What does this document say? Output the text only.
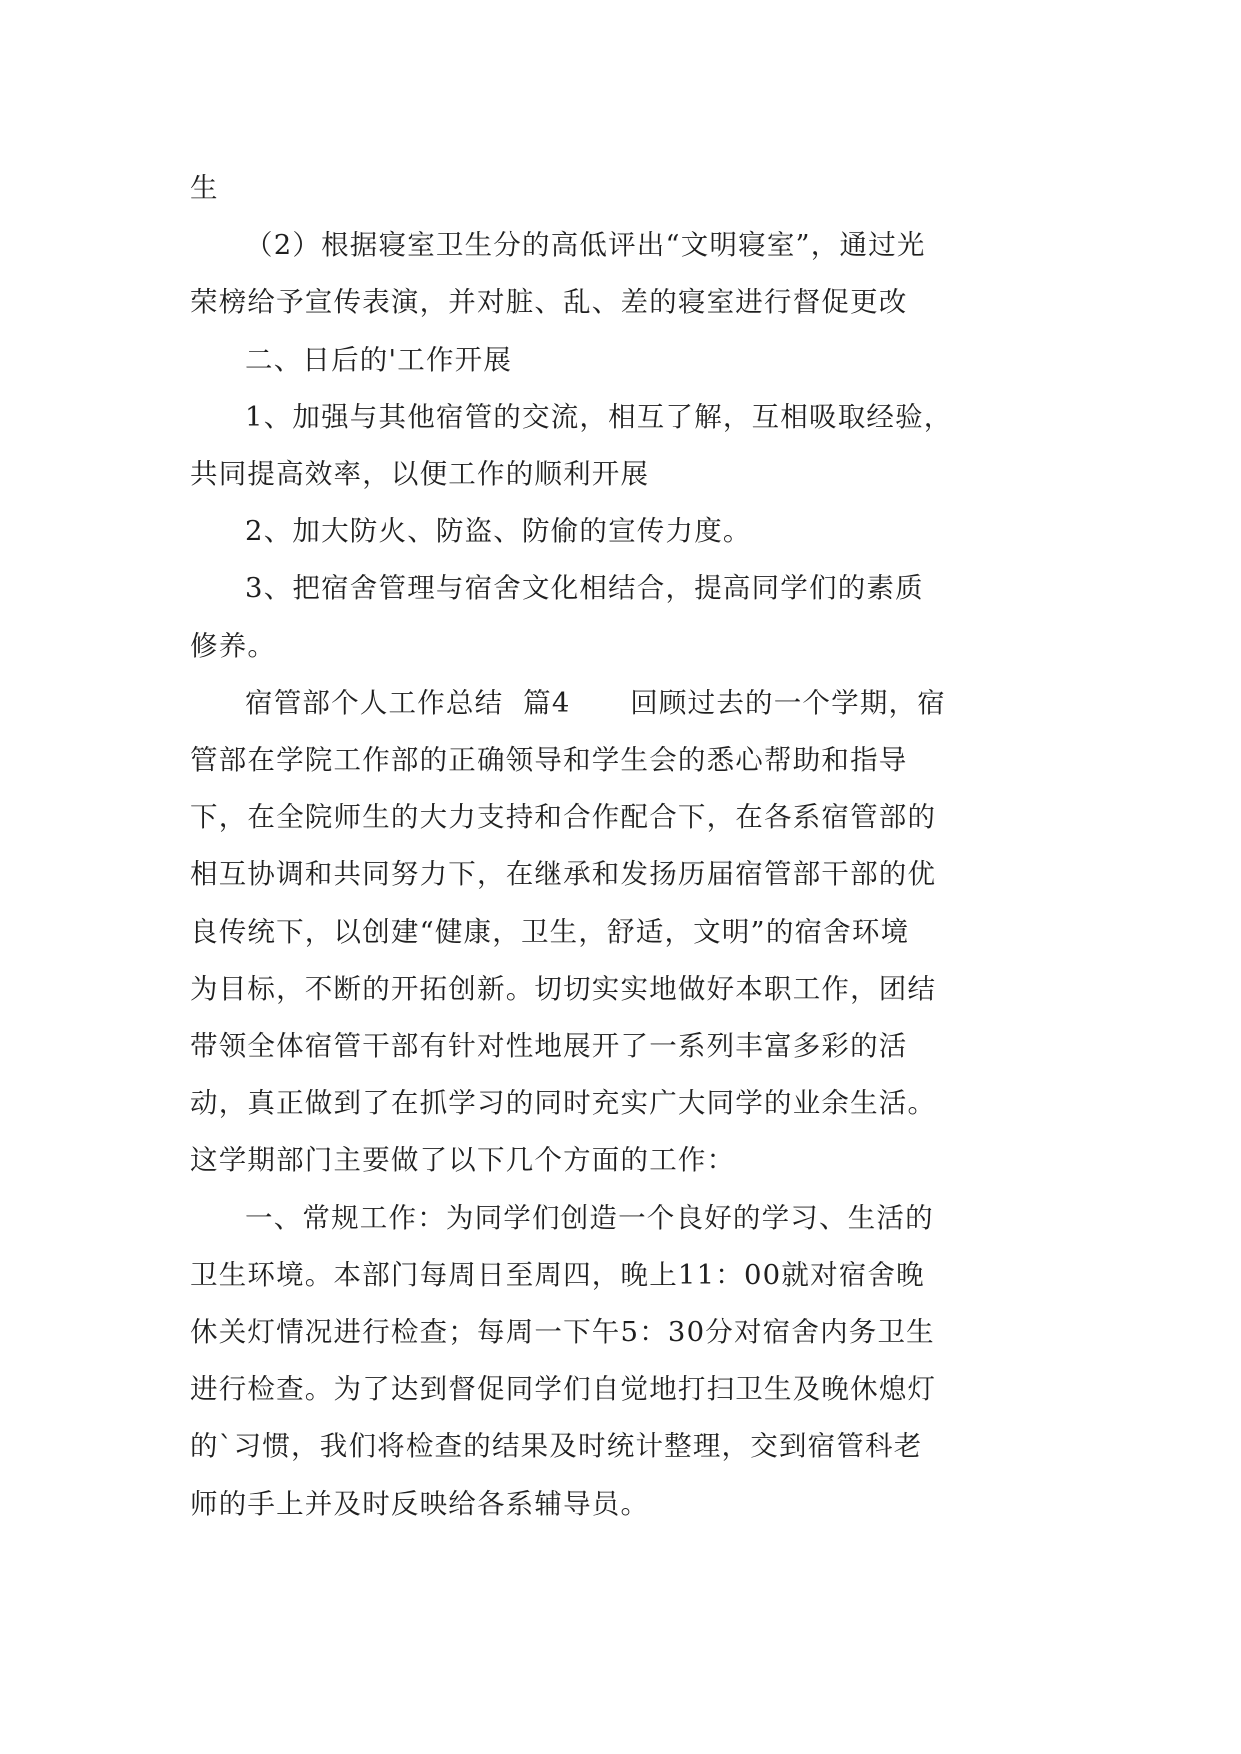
生
（2）根据寝室卫生分的高低评出“文明寝室”，通过光
荣榜给予宣传表演，并对脏、乱、差的寝室进行督促更改
二、日后的'工作开展
1、加强与其他宿管的交流，相互了解，互相吸取经验，
共同提高效率，以便工作的顺利开展
2、加大防火、防盗、防偷的宣传力度。
3、把宿舍管理与宿舍文化相结合，提高同学们的素质
修养。
宿管部个人工作总结  篇4      回顾过去的一个学期，宿
管部在学院工作部的正确领导和学生会的悉心帮助和指导
下，在全院师生的大力支持和合作配合下，在各系宿管部的
相互协调和共同努力下，在继承和发扬历届宿管部干部的优
良传统下，以创建“健康，卫生，舒适，文明”的宿舍环境
为目标，不断的开拓创新。切切实实地做好本职工作，团结
带领全体宿管干部有针对性地展开了一系列丰富多彩的活
动，真正做到了在抓学习的同时充实广大同学的业余生活。
这学期部门主要做了以下几个方面的工作：
一、常规工作：为同学们创造一个良好的学习、生活的
卫生环境。本部门每周日至周四，晚上11：00就对宿舍晚
休关灯情况进行检查；每周一下午5：30分对宿舍内务卫生
进行检查。为了达到督促同学们自觉地打扫卫生及晚休熄灯
的`习惯，我们将检查的结果及时统计整理，交到宿管科老
师的手上并及时反映给各系辅导员。
